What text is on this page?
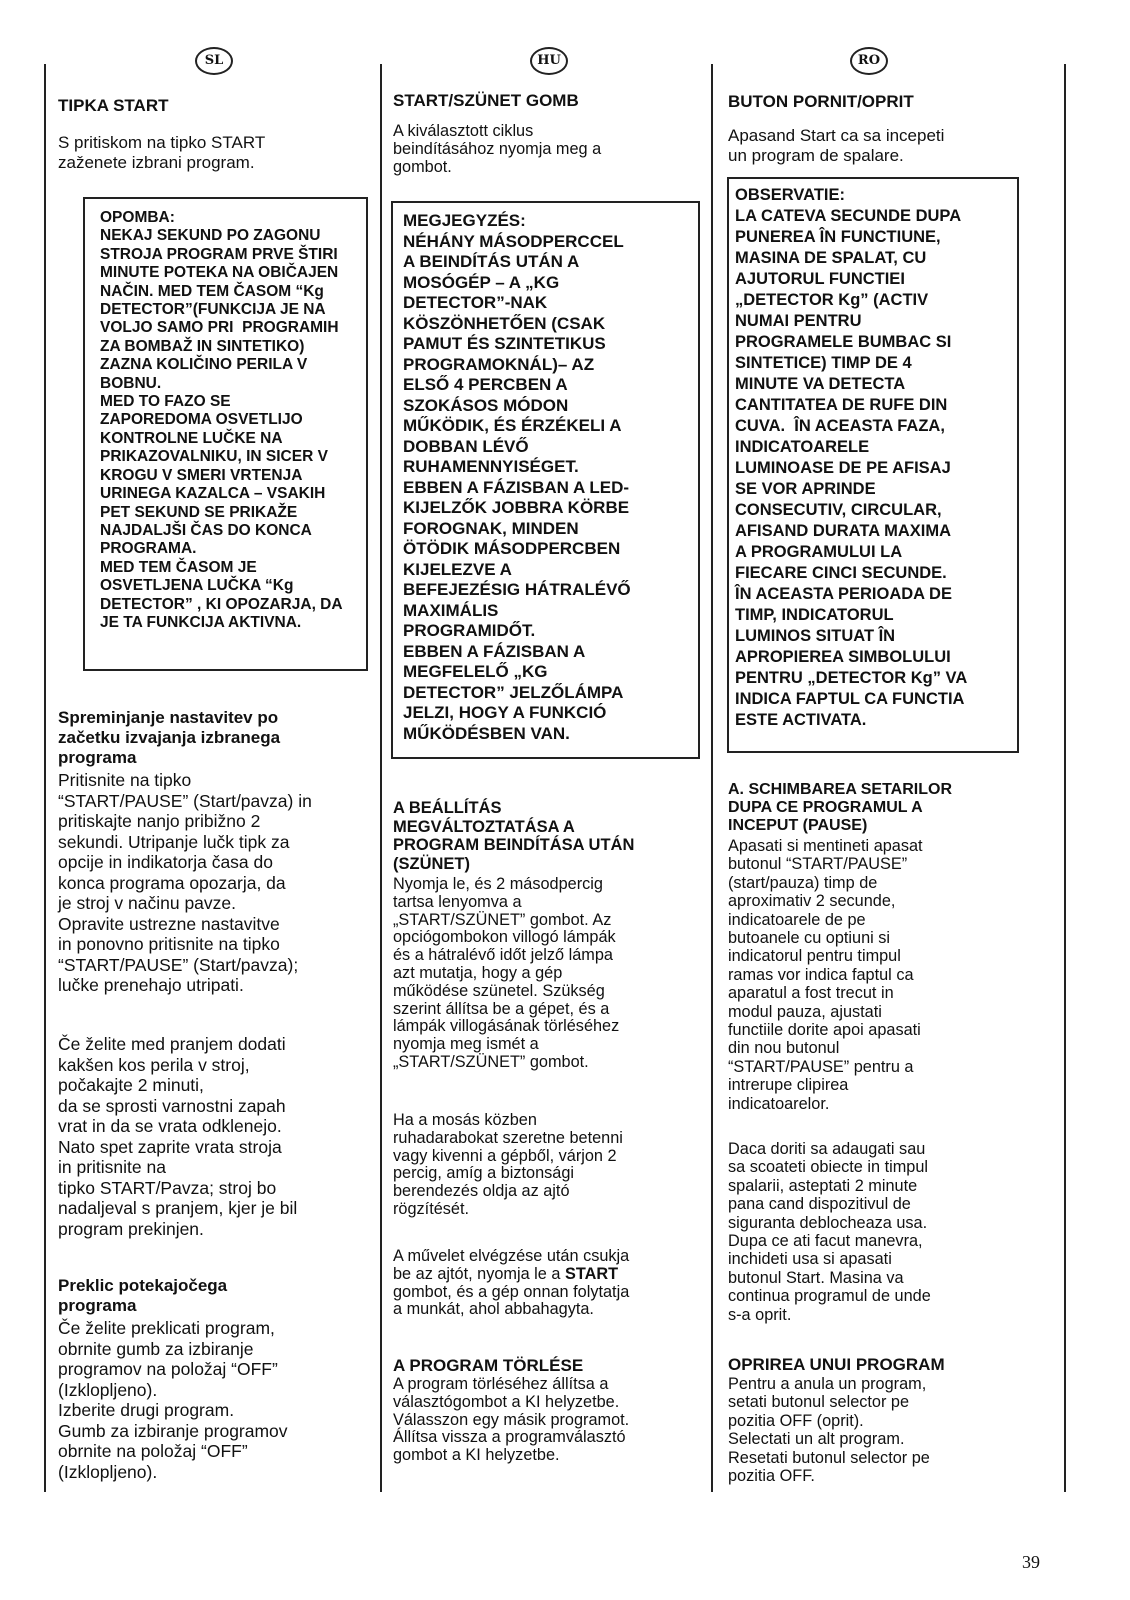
SL	HU	RO
TIPKA START
S pritiskom na tipko START
zaženete izbrani program.
OPOMBA:
NEKAJ SEKUND PO ZAGONU
STROJA PROGRAM PRVE ŠTIRI
MINUTE POTEKA NA OBIČAJEN
NAČIN. MED TEM ČASOM “Kg
DETECTOR”(FUNKCIJA JE NA
VOLJO SAMO PRI  PROGRAMIH
ZA BOMBAŽ IN SINTETIKO)
ZAZNA KOLIČINO PERILA V
BOBNU.
MED TO FAZO SE
ZAPOREDOMA OSVETLIJO
KONTROLNE LUČKE NA
PRIKAZOVALNIKU, IN SICER V
KROGU V SMERI VRTENJA
URINEGA KAZALCA – VSAKIH
PET SEKUND SE PRIKAŽE
NAJDALJŠI ČAS DO KONCA
PROGRAMA.
MED TEM ČASOM JE
OSVETLJENA LUČKA “Kg
DETECTOR” , KI OPOZARJA, DA
JE TA FUNKCIJA AKTIVNA.
Spreminjanje nastavitev po
začetku izvajanja izbranega
programa
Pritisnite na tipko
“START/PAUSE” (Start/pavza) in
pritiskajte nanjo pribižno 2
sekundi. Utripanje lučk tipk za
opcije in indikatorja časa do
konca programa opozarja, da
je stroj v načinu pavze.
Opravite ustrezne nastavitve
in ponovno pritisnite na tipko
“START/PAUSE” (Start/pavza);
lučke prenehajo utripati.
Če želite med pranjem dodati
kakšen kos perila v stroj,
počakajte 2 minuti,
da se sprosti varnostni zapah
vrat in da se vrata odklenejo.
Nato spet zaprite vrata stroja
in pritisnite na
tipko START/Pavza; stroj bo
nadaljeval s pranjem, kjer je bil
program prekinjen.
Preklic potekajočega
programa
Če želite preklicati program,
obrnite gumb za izbiranje
programov na položaj “OFF”
(Izklopljeno).
Izberite drugi program.
Gumb za izbiranje programov
obrnite na položaj “OFF”
(Izklopljeno).
START/SZÜNET GOMB
A kiválasztott ciklus
beindításához nyomja meg a
gombot.
MEGJEGYZÉS:
NÉHÁNY MÁSODPERCCEL
A BEINDÍTÁS UTÁN A
MOSÓGÉP – A „KG
DETECTOR”-NAK
KÖSZÖNHETŐEN (CSAK
PAMUT ÉS SZINTETIKUS
PROGRAMOKNÁL)– AZ
ELSŐ 4 PERCBEN A
SZOKÁSOS MÓDON
MŰKÖDIK, ÉS ÉRZÉKELI A
DOBBAN LÉVŐ
RUHAMENNYISÉGET.
EBBEN A FÁZISBAN A LED-
KIJELZŐK JOBBRA KÖRBE
FOROGNAK, MINDEN
ÖTÖDIK MÁSODPERCBEN
KIJELEZVE A
BEFEJEZÉSIG HÁTRALÉVŐ
MAXIMÁLIS
PROGRAMIDŐT.
EBBEN A FÁZISBAN A
MEGFELELŐ „KG
DETECTOR” JELZŐLÁMPA
JELZI, HOGY A FUNKCIÓ
MŰKÖDÉSBEN VAN.
A BEÁLLÍTÁS
MEGVÁLTOZTATÁSA A
PROGRAM BEINDÍTÁSA UTÁN
(SZÜNET)
Nyomja le, és 2 másodpercig
tartsa lenyomva a
„START/SZÜNET” gombot. Az
opciógombokon villogó lámpák
és a hátralévő időt jelző lámpa
azt mutatja, hogy a gép
működése szünetel. Szükség
szerint állítsa be a gépet, és a
lámpák villogásának törléséhez
nyomja meg ismét a
„START/SZÜNET” gombot.
Ha a mosás közben
ruhadarabokat szeretne betenni
vagy kivenni a gépből, várjon 2
percig, amíg a biztonsági
berendezés oldja az ajtó
rögzítését.
A művelet elvégzése után csukja
be az ajtót, nyomja le a START
gombot, és a gép onnan folytatja
a munkát, ahol abbahagyta.
A PROGRAM TÖRLÉSE
A program törléséhez állítsa a
választógombot a KI helyzetbe.
Válasszon egy másik programot.
Állítsa vissza a programválasztó
gombot a KI helyzetbe.
BUTON PORNIT/OPRIT
Apasand Start ca sa incepeti
un program de spalare.
OBSERVATIE:
LA CATEVA SECUNDE DUPA
PUNEREA ÎN FUNCTIUNE,
MASINA DE SPALAT, CU
AJUTORUL FUNCTIEI
„DETECTOR Kg” (ACTIV
NUMAI PENTRU
PROGRAMELE BUMBAC SI
SINTETICE) TIMP DE 4
MINUTE VA DETECTA
CANTITATEA DE RUFE DIN
CUVA.  ÎN ACEASTA FAZA,
INDICATOARELE
LUMINOASE DE PE AFISAJ
SE VOR APRINDE
CONSECUTIV, CIRCULAR,
AFISAND DURATA MAXIMA
A PROGRAMULUI LA
FIECARE CINCI SECUNDE.
ÎN ACEASTA PERIOADA DE
TIMP, INDICATORUL
LUMINOS SITUAT ÎN
APROPIEREA SIMBOLULUI
PENTRU „DETECTOR Kg” VA
INDICA FAPTUL CA FUNCTIA
ESTE ACTIVATA.
A. SCHIMBAREA SETARILOR
DUPA CE PROGRAMUL A
INCEPUT (PAUSE)
Apasati si mentineti apasat
butonul “START/PAUSE”
(start/pauza) timp de
aproximativ 2 secunde,
indicatoarele de pe
butoanele cu optiuni si
indicatorul pentru timpul
ramas vor indica faptul ca
aparatul a fost trecut in
modul pauza, ajustati
functiile dorite apoi apasati
din nou butonul
“START/PAUSE” pentru a
intrerupe clipirea
indicatoarelor.
Daca doriti sa adaugati sau
sa scoateti obiecte in timpul
spalarii, asteptati 2 minute
pana cand dispozitivul de
siguranta deblocheaza usa.
Dupa ce ati facut manevra,
inchideti usa si apasati
butonul Start. Masina va
continua programul de unde
s-a oprit.
OPRIREA UNUI PROGRAM
Pentru a anula un program,
setati butonul selector pe
pozitia OFF (oprit).
Selectati un alt program.
Resetati butonul selector pe
pozitia OFF.
39
